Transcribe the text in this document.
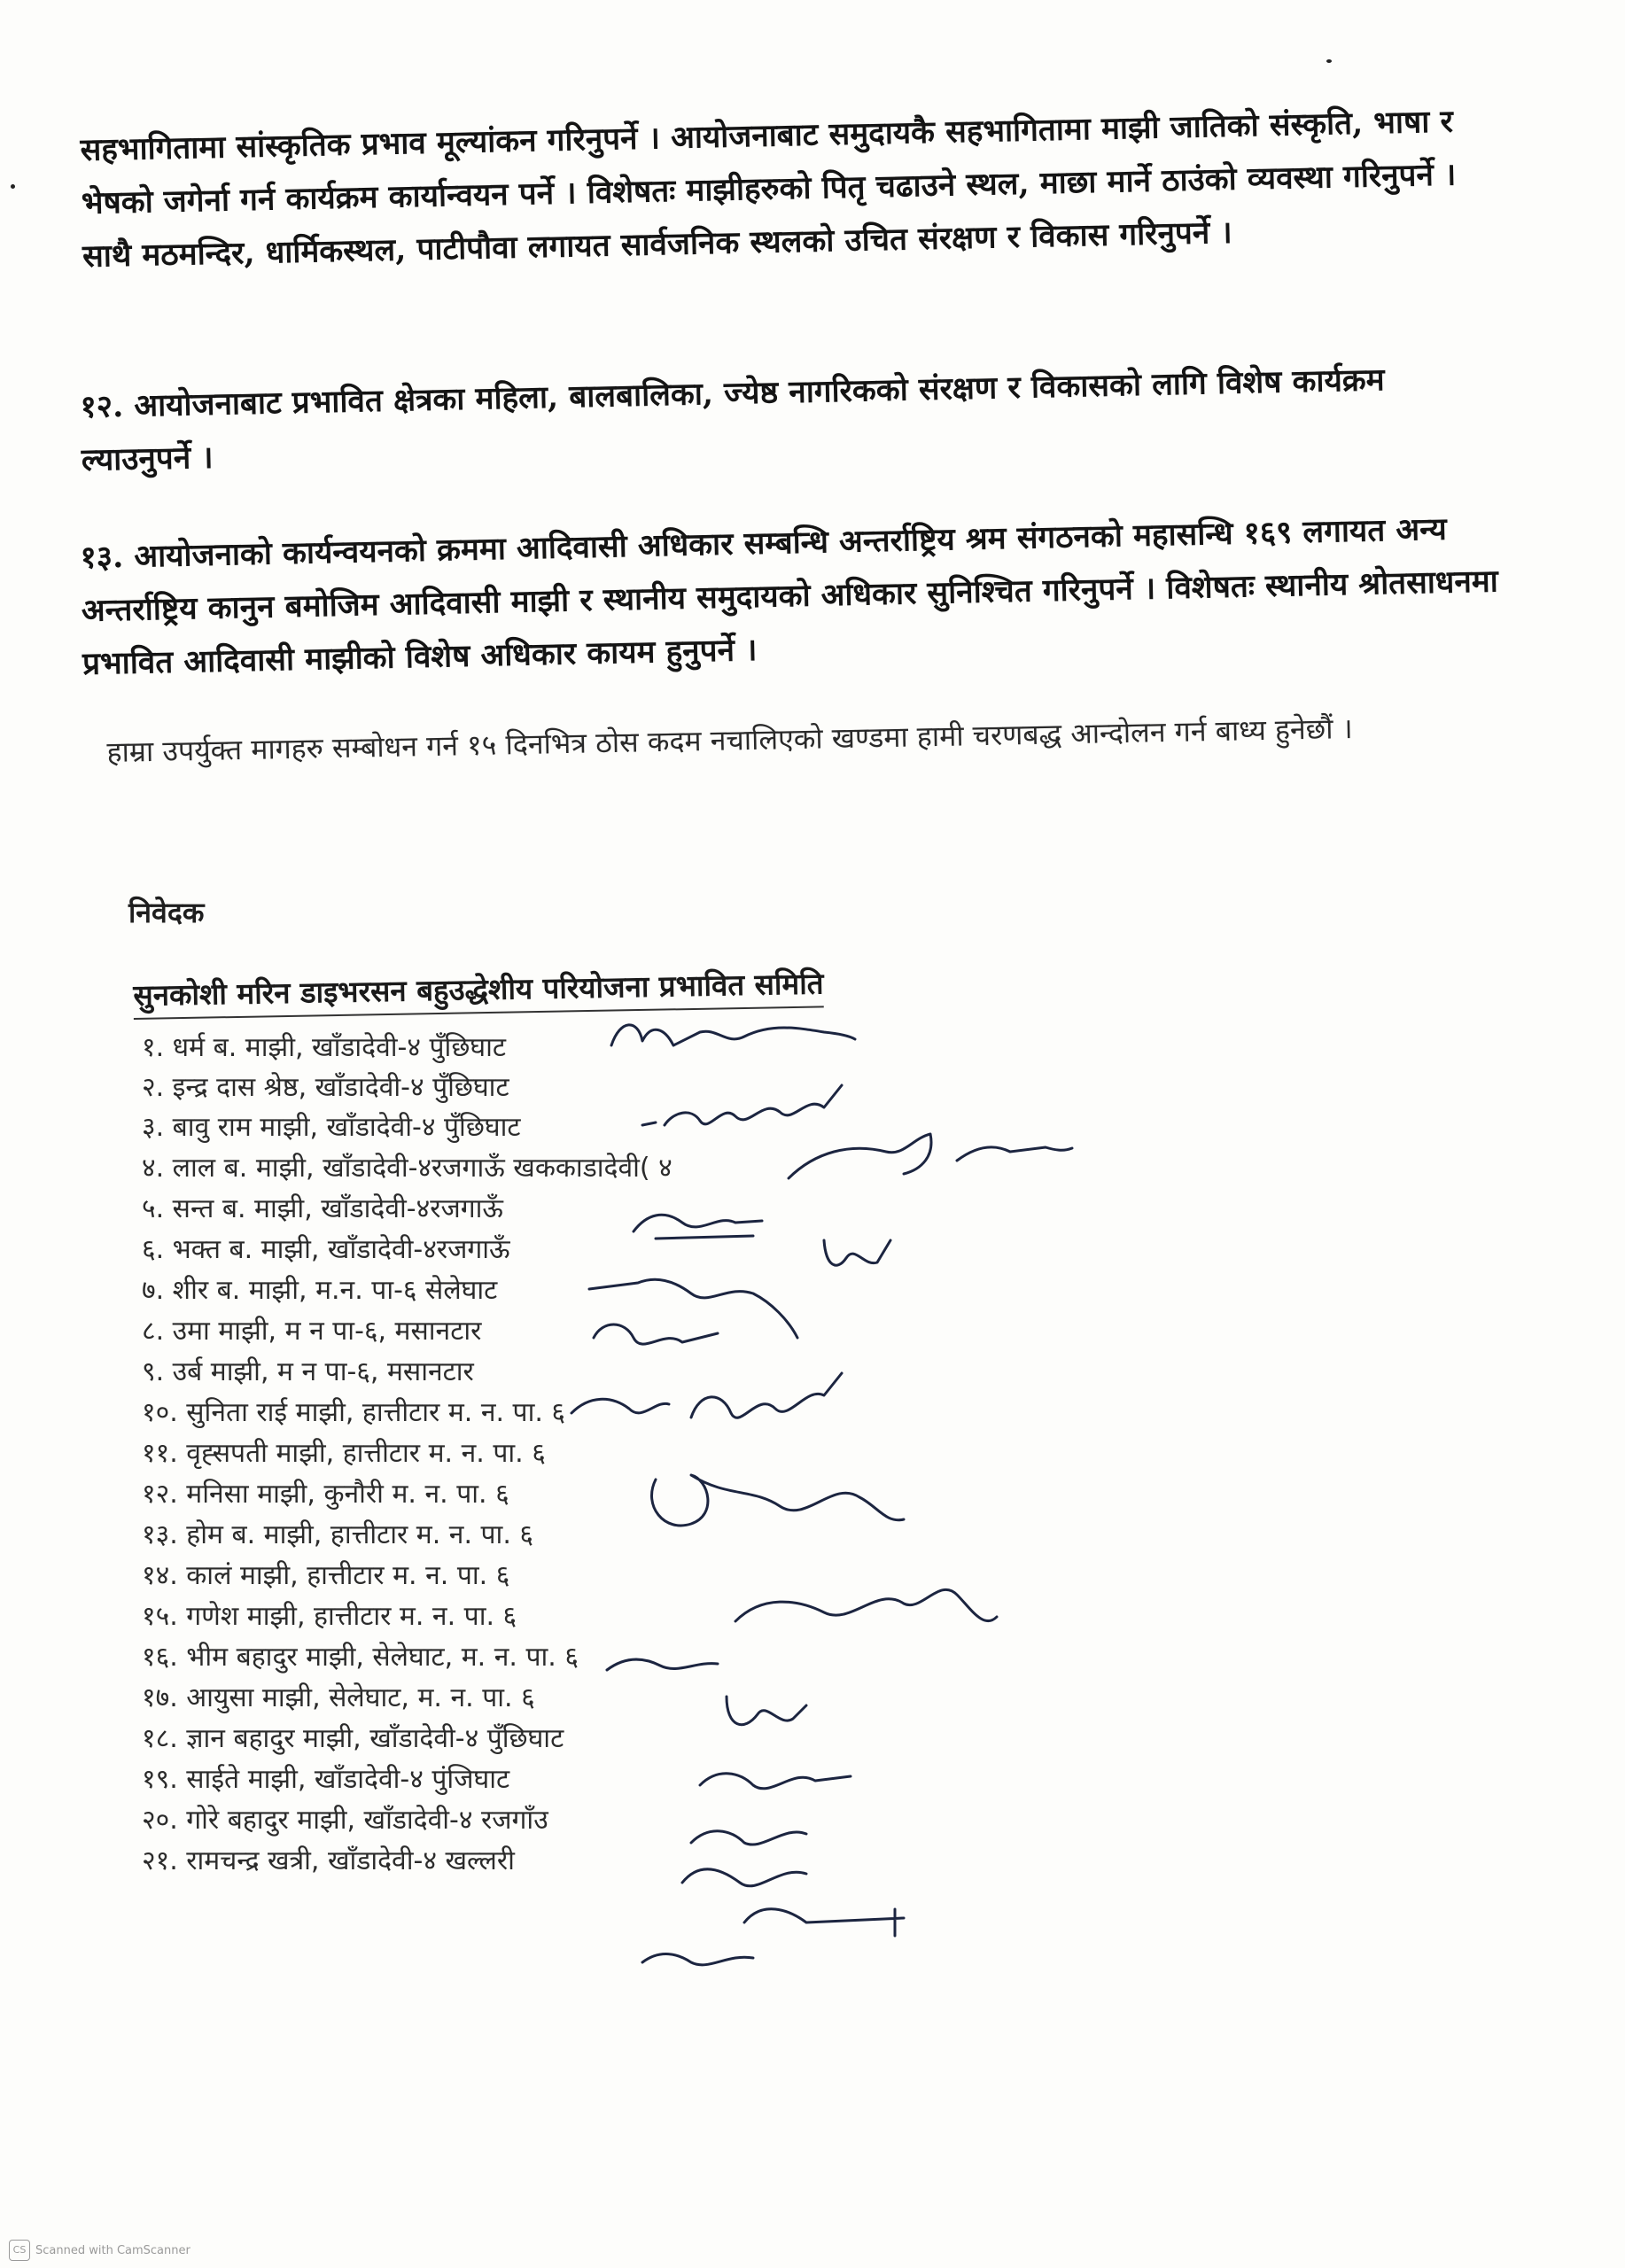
सहभागितामा सांस्कृतिक प्रभाव मूल्यांकन गरिनुपर्ने । आयोजनाबाट समुदायकै सहभागितामा माझी जातिको संस्कृति, भाषा र भेषको जगेर्ना गर्न कार्यक्रम कार्यान्वयन पर्ने । विशेषतः माझीहरुको पितृ चढाउने स्थल, माछा मार्ने ठाउंको व्यवस्था गरिनुपर्ने । साथै मठमन्दिर, धार्मिकस्थल, पाटीपौवा लगायत सार्वजनिक स्थलको उचित संरक्षण र विकास गरिनुपर्ने ।

१२. आयोजनाबाट प्रभावित क्षेत्रका महिला, बालबालिका, ज्येष्ठ नागरिकको संरक्षण र विकासको लागि विशेष कार्यक्रम ल्याउनुपर्ने ।

१३. आयोजनाको कार्यन्वयनको क्रममा आदिवासी अधिकार सम्बन्धि अन्तर्राष्ट्रिय श्रम संगठनको महासन्धि १६९ लगायत अन्य अन्तर्राष्ट्रिय कानुन बमोजिम आदिवासी माझी र स्थानीय समुदायको अधिकार सुनिश्चित गरिनुपर्ने । विशेषतः स्थानीय श्रोतसाधनमा प्रभावित आदिवासी माझीको विशेष अधिकार कायम हुनुपर्ने ।

हाम्रा उपर्युक्त मागहरु सम्बोधन गर्न १५ दिनभित्र ठोस कदम नचालिएको खण्डमा हामी चरणबद्ध आन्दोलन गर्न बाध्य हुनेछौं ।

निवेदक
सुनकोशी मरिन डाइभरसन बहुउद्धेशीय परियोजना प्रभावित समिति
१. धर्म ब. माझी, खाँडादेवी-४ पुँछिघाट
२. इन्द्र दास श्रेष्ठ, खाँडादेवी-४ पुँछिघाट
३. बावु राम माझी, खाँडादेवी-४ पुँछिघाट
४. लाल ब. माझी, खाँडादेवी-४रजगाऊँ खककाडादेवी( ४
५. सन्त ब. माझी, खाँडादेवी-४रजगाऊँ
६. भक्त ब. माझी, खाँडादेवी-४रजगाऊँ
७. शीर ब. माझी, म.न. पा-६ सेलेघाट
८. उमा माझी, म न पा-६, मसानटार
९. उर्ब माझी, म न पा-६, मसानटार
१०. सुनिता राई माझी, हात्तीटार म. न. पा. ६
११. वृह्सपती माझी, हात्तीटार म. न. पा. ६
१२. मनिसा माझी, कुनौरी म. न. पा. ६
१३. होम ब. माझी, हात्तीटार म. न. पा. ६
१४. कालं माझी, हात्तीटार म. न. पा. ६
१५. गणेश माझी, हात्तीटार म. न. पा. ६
१६. भीम बहादुर माझी, सेलेघाट, म. न. पा. ६
१७. आयुसा माझी, सेलेघाट, म. न. पा. ६
१८. ज्ञान बहादुर माझी, खाँडादेवी-४ पुँछिघाट
१९. साईते माझी, खाँडादेवी-४ पुंजिघाट
२०. गोरे बहादुर माझी, खाँडादेवी-४ रजगाँउ
२१. रामचन्द्र खत्री, खाँडादेवी-४ खल्लरी
CS Scanned with CamScanner
